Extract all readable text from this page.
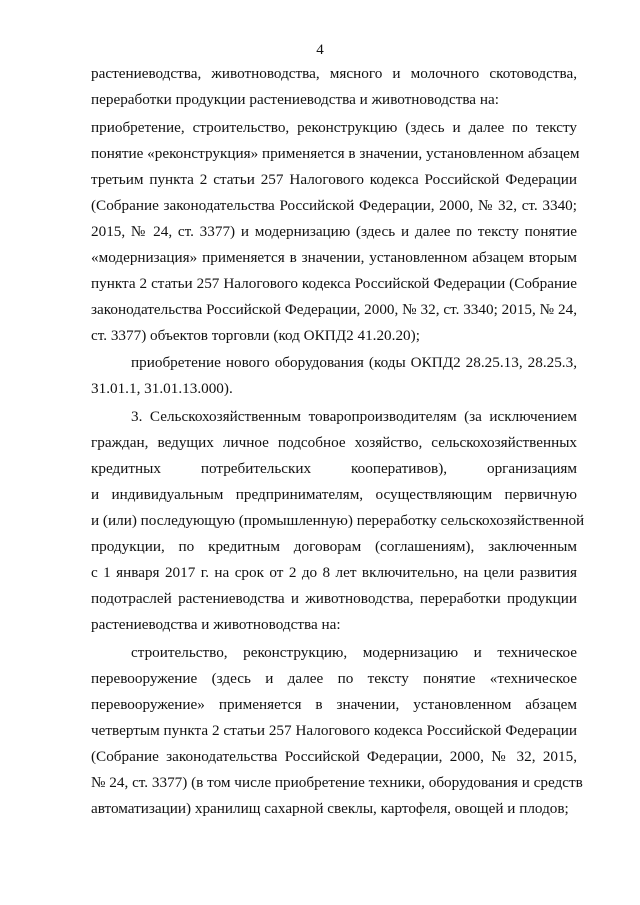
4
растениеводства, животноводства, мясного и молочного скотоводства,
переработки продукции растениеводства и животноводства на:
приобретение, строительство, реконструкцию (здесь и далее по тексту
понятие «реконструкция» применяется в значении, установленном абзацем
третьим пункта 2 статьи 257 Налогового кодекса Российской Федерации
(Собрание законодательства Российской Федерации, 2000, № 32, ст. 3340;
2015, № 24, ст. 3377) и модернизацию (здесь и далее по тексту понятие
«модернизация» применяется в значении, установленном абзацем вторым
пункта 2 статьи 257 Налогового кодекса Российской Федерации (Собрание
законодательства Российской Федерации, 2000, № 32, ст. 3340; 2015, № 24,
ст. 3377) объектов торговли (код ОКПД2 41.20.20);
приобретение нового оборудования (коды ОКПД2 28.25.13, 28.25.3,
31.01.1, 31.01.13.000).
3. Сельскохозяйственным товаропроизводителям (за исключением
граждан, ведущих личное подсобное хозяйство, сельскохозяйственных
кредитных потребительских кооперативов), организациям
и индивидуальным предпринимателям, осуществляющим первичную
и (или) последующую (промышленную) переработку сельскохозяйственной
продукции, по кредитным договорам (соглашениям), заключенным
с 1 января 2017 г. на срок от 2 до 8 лет включительно, на цели развития
подотраслей растениеводства и животноводства, переработки продукции
растениеводства и животноводства на:
строительство, реконструкцию, модернизацию и техническое
перевооружение (здесь и далее по тексту понятие «техническое
перевооружение» применяется в значении, установленном абзацем
четвертым пункта 2 статьи 257 Налогового кодекса Российской Федерации
(Собрание законодательства Российской Федерации, 2000, № 32, 2015,
№ 24, ст. 3377) (в том числе приобретение техники, оборудования и средств
автоматизации) хранилищ сахарной свеклы, картофеля, овощей и плодов;
